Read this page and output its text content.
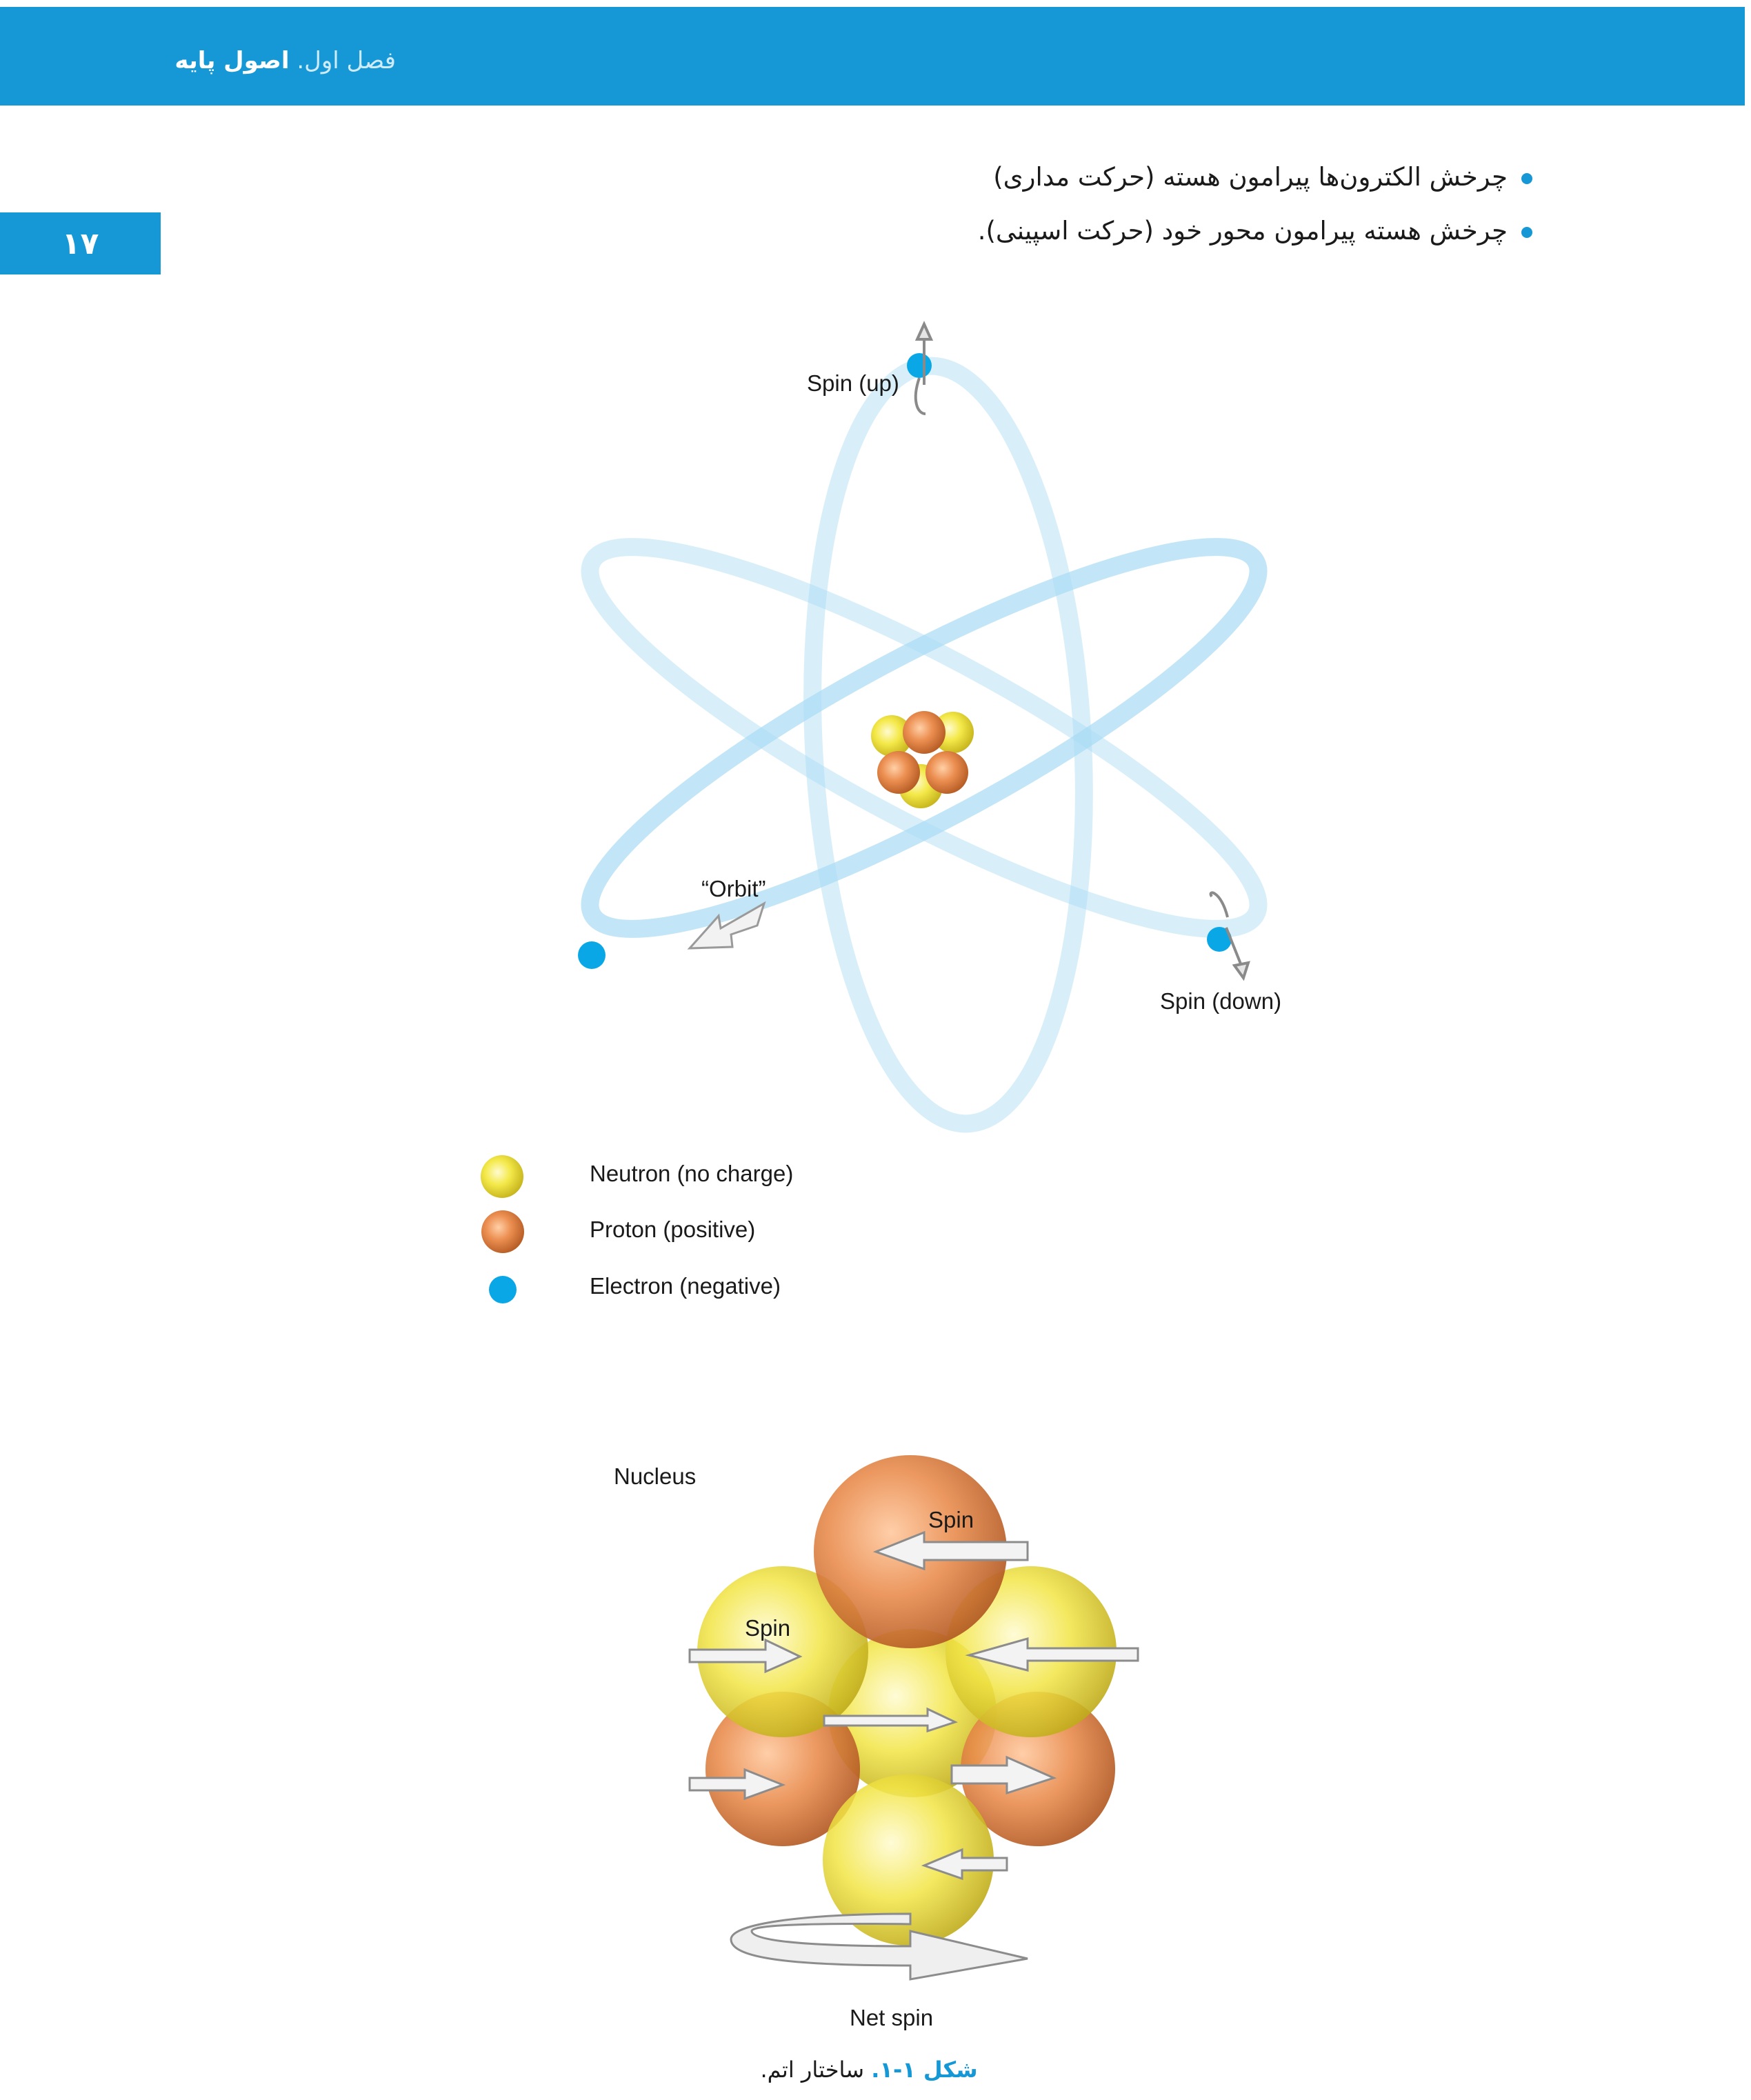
فصل اول. اصول پایه
۱۷
چرخش الکترون‌ها پیرامون هسته (حرکت مداری)
چرخش هسته پیرامون محور خود (حرکت اسپینی).
Spin (up)
“Orbit”
Spin (down)
Neutron (no charge)
Proton (positive)
Electron (negative)
Nucleus
Spin
Spin
Net spin
شکل ۱-۱. ساختار اتم.
